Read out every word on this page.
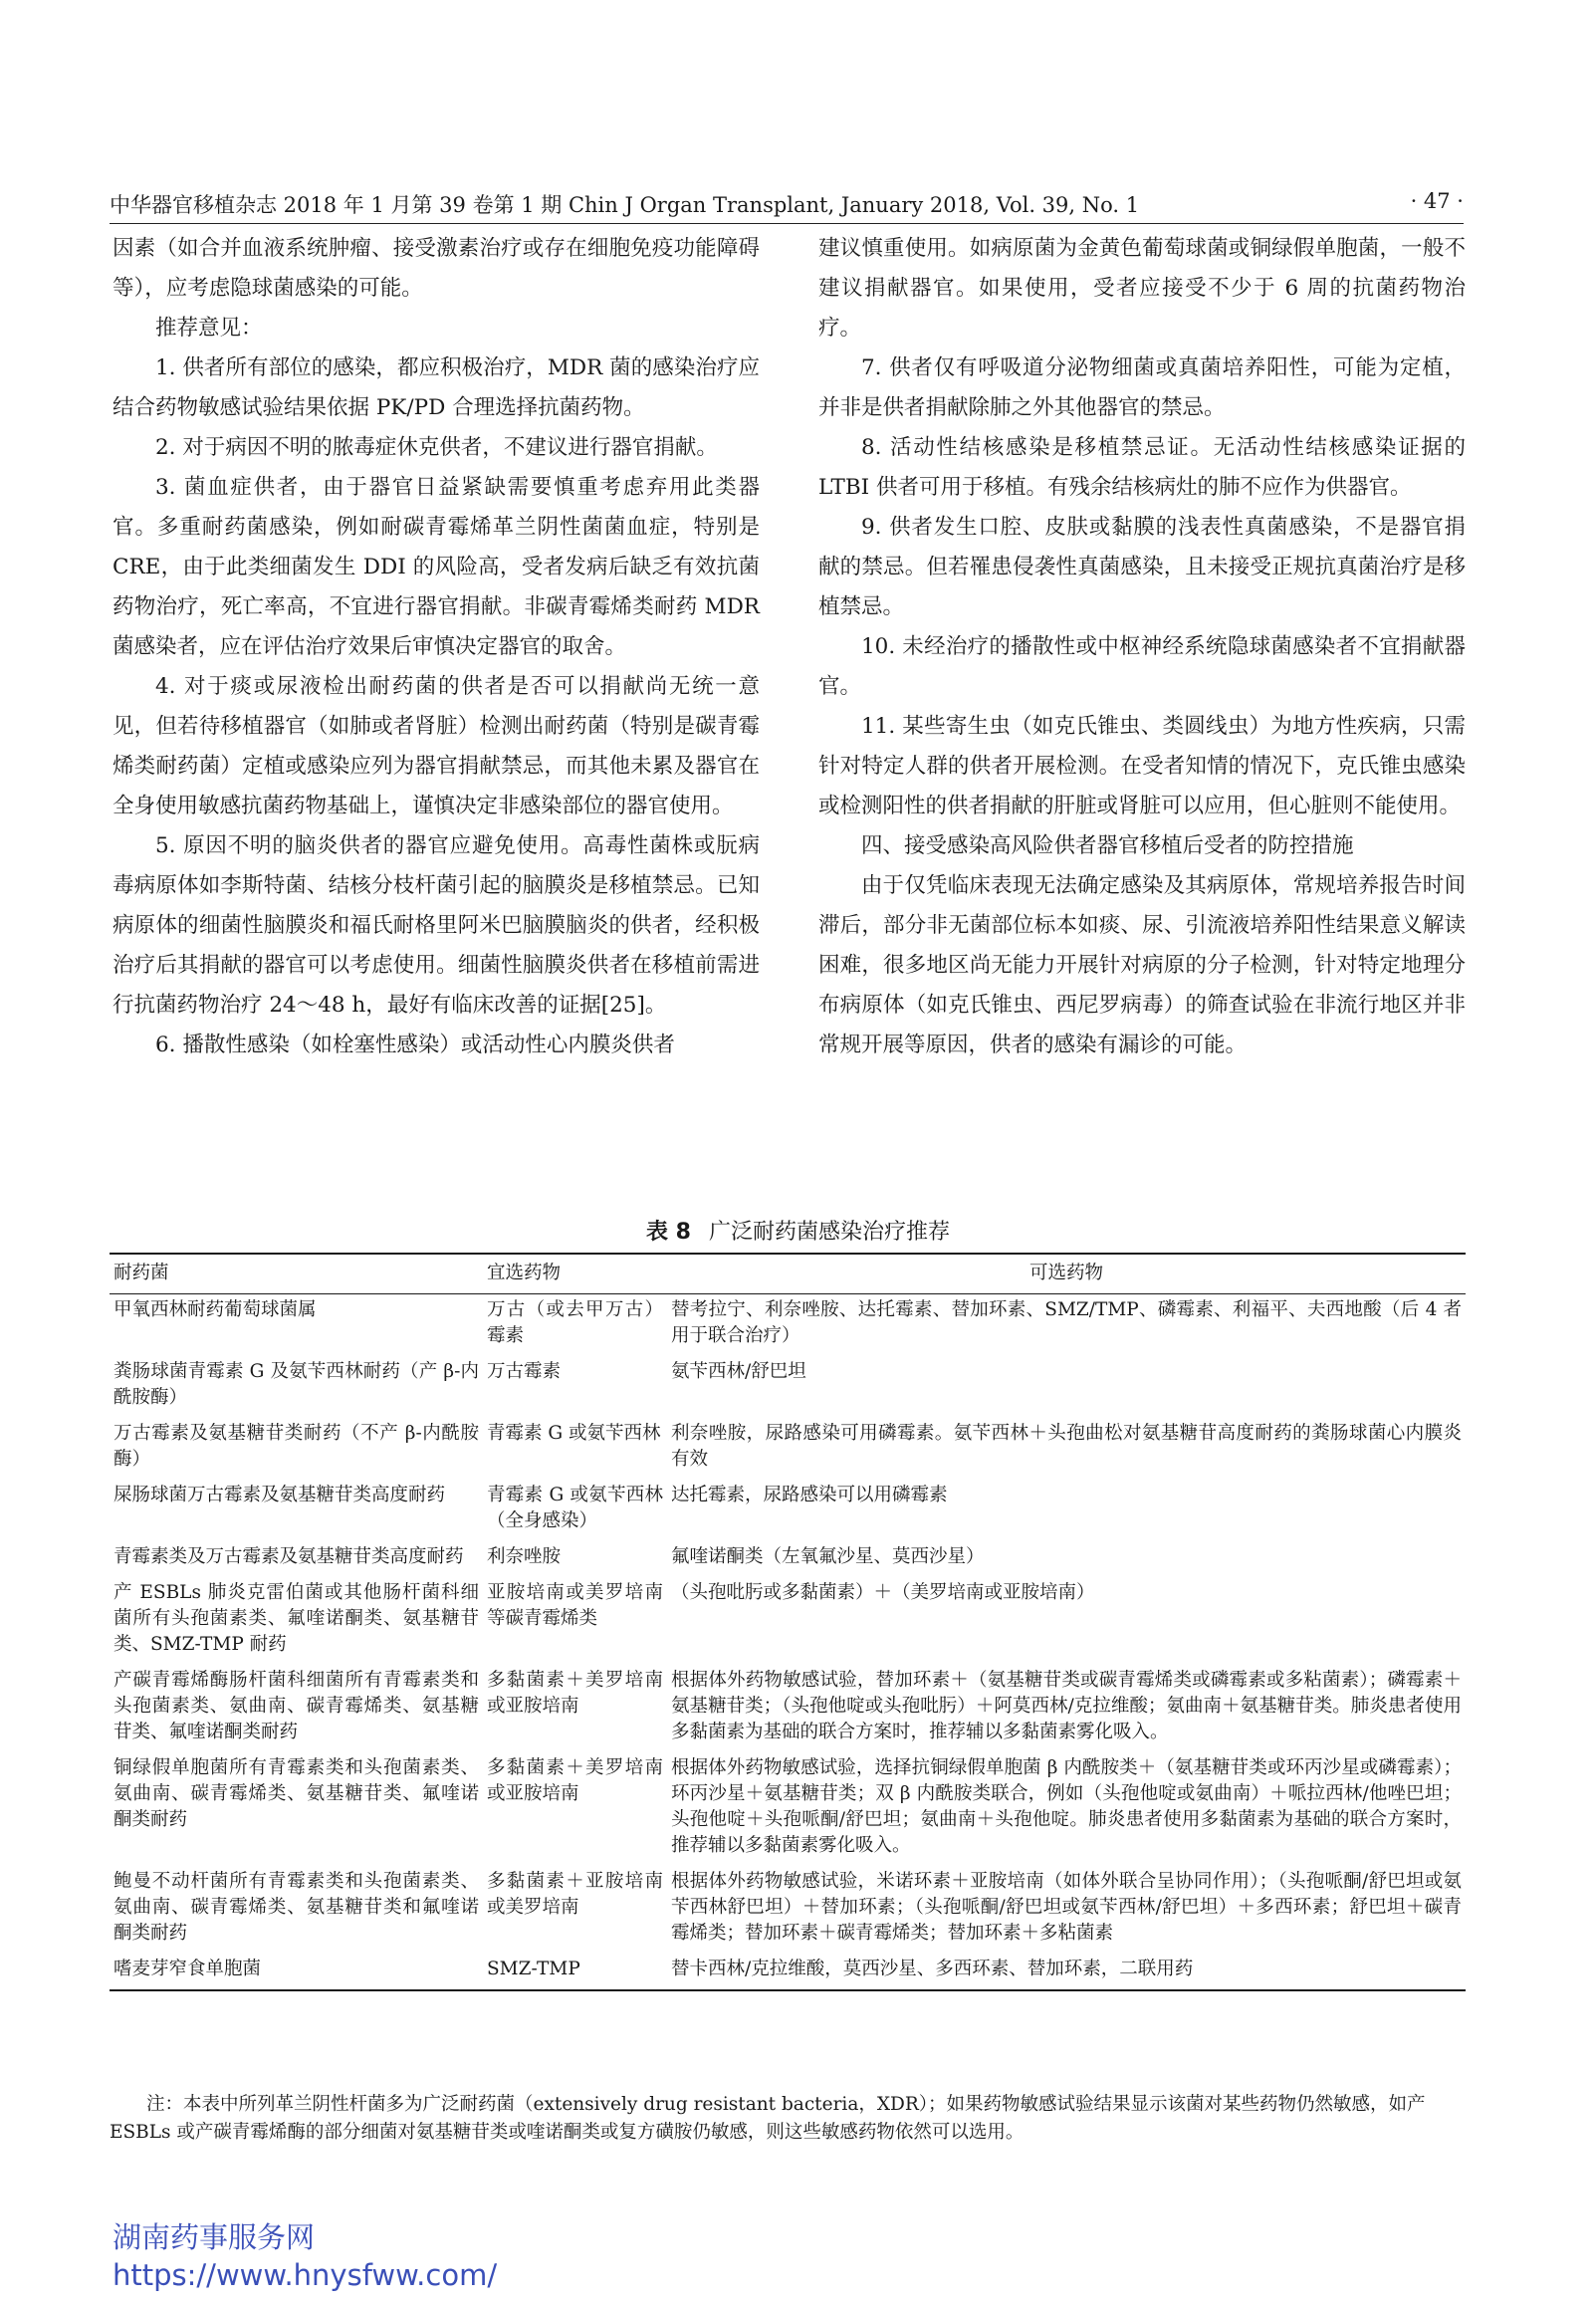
中华器官移植杂志 2018 年 1 月第 39 卷第 1 期 Chin J Organ Transplant, January 2018, Vol. 39, No. 1	· 47 ·

因素（如合并血液系统肿瘤、接受激素治疗或存在细胞免疫功能障碍等），应考虑隐球菌感染的可能。

推荐意见：

1. 供者所有部位的感染，都应积极治疗，MDR 菌的感染治疗应结合药物敏感试验结果依据 PK/PD 合理选择抗菌药物。

2. 对于病因不明的脓毒症休克供者，不建议进行器官捐献。

3. 菌血症供者，由于器官日益紧缺需要慎重考虑弃用此类器官。多重耐药菌感染，例如耐碳青霉烯革兰阴性菌菌血症，特别是 CRE，由于此类细菌发生 DDI 的风险高，受者发病后缺乏有效抗菌药物治疗，死亡率高，不宜进行器官捐献。非碳青霉烯类耐药 MDR 菌感染者，应在评估治疗效果后审慎决定器官的取舍。

4. 对于痰或尿液检出耐药菌的供者是否可以捐献尚无统一意见，但若待移植器官（如肺或者肾脏）检测出耐药菌（特别是碳青霉烯类耐药菌）定植或感染应列为器官捐献禁忌，而其他未累及器官在全身使用敏感抗菌药物基础上，谨慎决定非感染部位的器官使用。

5. 原因不明的脑炎供者的器官应避免使用。高毒性菌株或朊病毒病原体如李斯特菌、结核分枝杆菌引起的脑膜炎是移植禁忌。已知病原体的细菌性脑膜炎和福氏耐格里阿米巴脑膜脑炎的供者，经积极治疗后其捐献的器官可以考虑使用。细菌性脑膜炎供者在移植前需进行抗菌药物治疗 24～48 h，最好有临床改善的证据[25]。

6. 播散性感染（如栓塞性感染）或活动性心内膜炎供者

建议慎重使用。如病原菌为金黄色葡萄球菌或铜绿假单胞菌，一般不建议捐献器官。如果使用，受者应接受不少于 6 周的抗菌药物治疗。

7. 供者仅有呼吸道分泌物细菌或真菌培养阳性，可能为定植，并非是供者捐献除肺之外其他器官的禁忌。

8. 活动性结核感染是移植禁忌证。无活动性结核感染证据的 LTBI 供者可用于移植。有残余结核病灶的肺不应作为供器官。

9. 供者发生口腔、皮肤或黏膜的浅表性真菌感染，不是器官捐献的禁忌。但若罹患侵袭性真菌感染，且未接受正规抗真菌治疗是移植禁忌。

10. 未经治疗的播散性或中枢神经系统隐球菌感染者不宜捐献器官。

11. 某些寄生虫（如克氏锥虫、类圆线虫）为地方性疾病，只需针对特定人群的供者开展检测。在受者知情的情况下，克氏锥虫感染或检测阳性的供者捐献的肝脏或肾脏可以应用，但心脏则不能使用。

四、接受感染高风险供者器官移植后受者的防控措施

由于仅凭临床表现无法确定感染及其病原体，常规培养报告时间滞后，部分非无菌部位标本如痰、尿、引流液培养阳性结果意义解读困难，很多地区尚无能力开展针对病原的分子检测，针对特定地理分布病原体（如克氏锥虫、西尼罗病毒）的筛查试验在非流行地区并非常规开展等原因，供者的感染有漏诊的可能。

表 8 广泛耐药菌感染治疗推荐
耐药菌	宜选药物	可选药物
甲氧西林耐药葡萄球菌属	万古（或去甲万古）霉素	替考拉宁、利奈唑胺、达托霉素、替加环素、SMZ/TMP、磷霉素、利福平、夫西地酸（后 4 者用于联合治疗）
粪肠球菌青霉素 G 及氨苄西林耐药（产 β-内酰胺酶）	万古霉素	氨苄西林/舒巴坦
万古霉素及氨基糖苷类耐药（不产 β-内酰胺酶）	青霉素 G 或氨苄西林	利奈唑胺，尿路感染可用磷霉素。氨苄西林＋头孢曲松对氨基糖苷高度耐药的粪肠球菌心内膜炎有效
屎肠球菌万古霉素及氨基糖苷类高度耐药	青霉素 G 或氨苄西林（全身感染）	达托霉素，尿路感染可以用磷霉素
青霉素类及万古霉素及氨基糖苷类高度耐药	利奈唑胺	氟喹诺酮类（左氧氟沙星、莫西沙星）
产 ESBLs 肺炎克雷伯菌或其他肠杆菌科细菌所有头孢菌素类、氟喹诺酮类、氨基糖苷类、SMZ-TMP 耐药	亚胺培南或美罗培南等碳青霉烯类	（头孢吡肟或多黏菌素）＋（美罗培南或亚胺培南）
产碳青霉烯酶肠杆菌科细菌所有青霉素类和头孢菌素类、氨曲南、碳青霉烯类、氨基糖苷类、氟喹诺酮类耐药	多黏菌素＋美罗培南或亚胺培南	根据体外药物敏感试验，替加环素＋（氨基糖苷类或碳青霉烯类或磷霉素或多粘菌素）；磷霉素＋氨基糖苷类；（头孢他啶或头孢吡肟）＋阿莫西林/克拉维酸；氨曲南＋氨基糖苷类。肺炎患者使用多黏菌素为基础的联合方案时，推荐辅以多黏菌素雾化吸入。
铜绿假单胞菌所有青霉素类和头孢菌素类、氨曲南、碳青霉烯类、氨基糖苷类、氟喹诺酮类耐药	多黏菌素＋美罗培南或亚胺培南	根据体外药物敏感试验，选择抗铜绿假单胞菌 β 内酰胺类＋（氨基糖苷类或环丙沙星或磷霉素）；环丙沙星＋氨基糖苷类；双 β 内酰胺类联合，例如（头孢他啶或氨曲南）＋哌拉西林/他唑巴坦；头孢他啶＋头孢哌酮/舒巴坦；氨曲南＋头孢他啶。肺炎患者使用多黏菌素为基础的联合方案时，推荐辅以多黏菌素雾化吸入。
鲍曼不动杆菌所有青霉素类和头孢菌素类、氨曲南、碳青霉烯类、氨基糖苷类和氟喹诺酮类耐药	多黏菌素＋亚胺培南或美罗培南	根据体外药物敏感试验，米诺环素＋亚胺培南（如体外联合呈协同作用）；（头孢哌酮/舒巴坦或氨苄西林舒巴坦）＋替加环素；（头孢哌酮/舒巴坦或氨苄西林/舒巴坦）＋多西环素；舒巴坦＋碳青霉烯类；替加环素＋碳青霉烯类；替加环素＋多粘菌素
嗜麦芽窄食单胞菌	SMZ-TMP	替卡西林/克拉维酸，莫西沙星、多西环素、替加环素，二联用药

注：本表中所列革兰阴性杆菌多为广泛耐药菌（extensively drug resistant bacteria，XDR）；如果药物敏感试验结果显示该菌对某些药物仍然敏感，如产 ESBLs 或产碳青霉烯酶的部分细菌对氨基糖苷类或喹诺酮类或复方磺胺仍敏感，则这些敏感药物依然可以选用。

湖南药事服务网
https://www.hnysfww.com/
